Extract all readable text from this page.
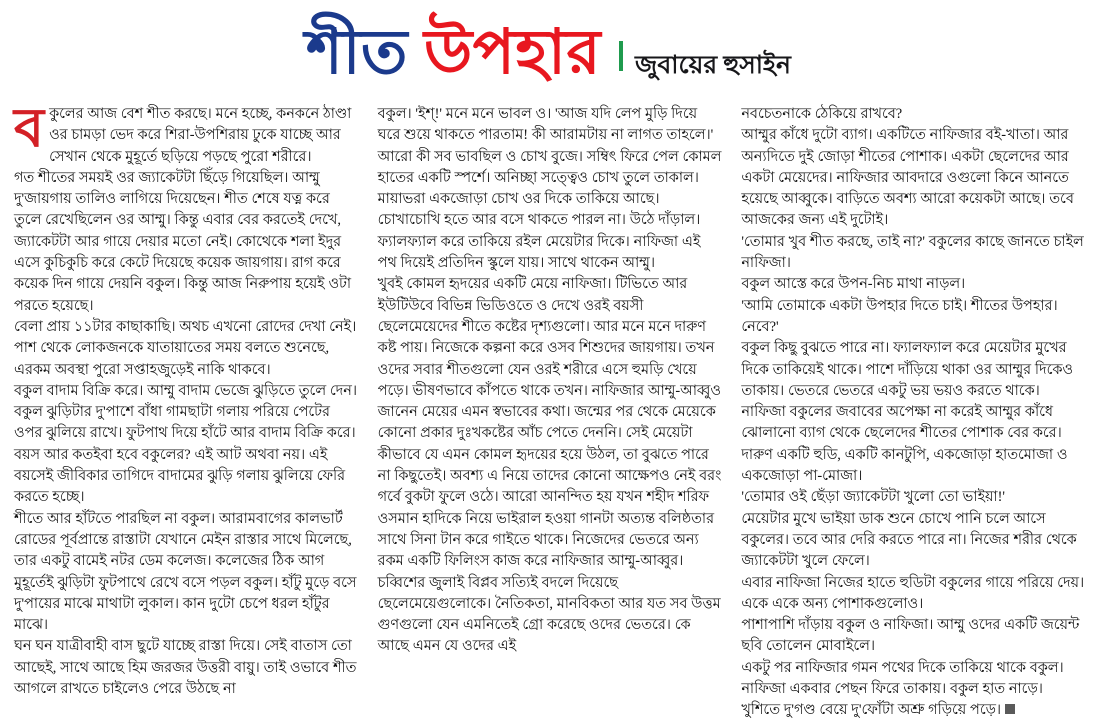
শীত উপহার জুবায়ের হুসাইন

বকুলের আজ বেশ শীত করছে। মনে হচ্ছে, কনকনে ঠাণ্ডা ওর চামড়া ভেদ করে শিরা-উপশিরায় ঢুকে যাচ্ছে আর সেখান থেকে মুহূর্তে ছড়িয়ে পড়ছে পুরো শরীরে।

গত শীতের সময়ই ওর জ্যাকেটটা ছিঁড়ে গিয়েছিল। আম্মু দু'জায়গায় তালিও লাগিয়ে দিয়েছেন। শীত শেষে যত্ন করে তুলে রেখেছিলেন ওর আম্মু। কিন্তু এবার বের করতেই দেখে, জ্যাকেটটা আর গায়ে দেয়ার মতো নেই। কোথেকে শলা ইদুর এসে কুচিকুচি করে কেটে দিয়েছে কয়েক জায়গায়। রাগ করে কয়েক দিন গায়ে দেয়নি বকুল। কিন্তু আজ নিরুপায় হয়েই ওটা পরতে হয়েছে।

বেলা প্রায় ১১টার কাছাকাছি। অথচ এখনো রোদের দেখা নেই। পাশ থেকে লোকজনকে যাতায়াতের সময় বলতে শুনেছে, এরকম অবস্থা পুরো সপ্তাহজুড়েই নাকি থাকবে।

বকুল বাদাম বিক্রি করে। আম্মু বাদাম ভেজে ঝুড়িতে তুলে দেন। বকুল ঝুড়িটার দু'পাশে বাঁধা গামছাটা গলায় পরিয়ে পেটের ওপর ঝুলিয়ে রাখে। ফুটপাথ দিয়ে হাঁটে আর বাদাম বিক্রি করে।

বয়স আর কতইবা হবে বকুলের? এই আট অথবা নয়। এই বয়সেই জীবিকার তাগিদে বাদামের ঝুড়ি গলায় ঝুলিয়ে ফেরি করতে হচ্ছে।

শীতে আর হাঁটতে পারছিল না বকুল। আরামবাগের কালভার্ট রোডের পূর্বপ্রান্তে রাস্তাটা যেখানে মেইন রাস্তার সাথে মিলেছে, তার একটু বামেই নটর ডেম কলেজ। কলেজের ঠিক আগ মুহূর্তেই ঝুড়িটা ফুটপাথে রেখে বসে পড়ল বকুল। হাঁটু মুড়ে বসে দু'পায়ের মাঝে মাথাটা লুকাল। কান দুটো চেপে ধরল হাঁটুর মাঝে।

ঘন ঘন যাত্রীবাহী বাস ছুটে যাচ্ছে রাস্তা দিয়ে। সেই বাতাস তো আছেই, সাথে আছে হিম জরজর উত্তরী বায়ু। তাই ওভাবে শীত আগলে রাখতে চাইলেও পেরে উঠছে না

বকুল। 'ইশ্!' মনে মনে ভাবল ও। 'আজ যদি লেপ মুড়ি দিয়ে ঘরে শুয়ে থাকতে পারতাম! কী আরামটায় না লাগত তাহলে।'

আরো কী সব ভাবছিল ও চোখ বুজে। সম্বিৎ ফিরে পেল কোমল হাতের একটি স্পর্শে। অনিচ্ছা সত্ত্বেও চোখ তুলে তাকাল।

মায়াভরা একজোড়া চোখ ওর দিকে তাকিয়ে আছে। চোখাচোখি হতে আর বসে থাকতে পারল না। উঠে দাঁড়াল। ফ্যালফ্যাল করে তাকিয়ে রইল মেয়েটার দিকে। নাফিজা এই পথ দিয়েই প্রতিদিন স্কুলে যায়। সাথে থাকেন আম্মু।

খুবই কোমল হৃদয়ের একটি মেয়ে নাফিজা। টিভিতে আর ইউটিউবে বিভিন্ন ভিডিওতে ও দেখে ওরই বয়সী ছেলেমেয়েদের শীতে কষ্টের দৃশ্যগুলো। আর মনে মনে দারুণ কষ্ট পায়। নিজেকে কল্পনা করে ওসব শিশুদের জায়গায়। তখন ওদের সবার শীতগুলো যেন ওরই শরীরে এসে হুমড়ি খেয়ে পড়ে। ভীষণভাবে কাঁপতে থাকে তখন। নাফিজার আম্মু-আব্বুও জানেন মেয়ের এমন স্বভাবের কথা। জন্মের পর থেকে মেয়েকে কোনো প্রকার দুঃখকষ্টের আঁচ পেতে দেননি। সেই মেয়েটা কীভাবে যে এমন কোমল হৃদয়ের হয়ে উঠল, তা বুঝতে পারে না কিছুতেই। অবশ্য এ নিয়ে তাদের কোনো আক্ষেপও নেই বরং গর্বে বুকটা ফুলে ওঠে। আরো আনন্দিত হয় যখন শহীদ শরিফ ওসমান হাদিকে নিয়ে ভাইরাল হওয়া গানটা অত্যন্ত বলিষ্ঠতার সাথে সিনা টান করে গাইতে থাকে। নিজেদের ভেতরে অন্য রকম একটি ফিলিংস কাজ করে নাফিজার আম্মু-আব্বুর। চব্বিশের জুলাই বিপ্লব সত্যিই বদলে দিয়েছে ছেলেমেয়েগুলোকে। নৈতিকতা, মানবিকতা আর যত সব উত্তম গুণগুলো যেন এমনিতেই গ্রো করেছে ওদের ভেতরে। কে আছে এমন যে ওদের এই

নবচেতনাকে ঠেকিয়ে রাখবে?

আম্মুর কাঁধে দুটো ব্যাগ। একটিতে নাফিজার বই-খাতা। আর অন্যদিতে দুই জোড়া শীতের পোশাক। একটা ছেলেদের আর একটা মেয়েদের। নাফিজার আবদারে ওগুলো কিনে আনতে হয়েছে আব্বুকে। বাড়িতে অবশ্য আরো কয়েকটা আছে। তবে আজকের জন্য এই দুটোই।

'তোমার খুব শীত করছে, তাই না?' বকুলের কাছে জানতে চাইল নাফিজা।

বকুল আস্তে করে উপন-নিচ মাথা নাড়ল।

'আমি তোমাকে একটা উপহার দিতে চাই। শীতের উপহার। নেবে?'

বকুল কিছু বুঝতে পারে না। ফ্যালফ্যাল করে মেয়েটার মুখের দিকে তাকিয়েই থাকে। পাশে দাঁড়িয়ে থাকা ওর আম্মুর দিকেও তাকায়। ভেতরে ভেতরে একটু ভয় ভয়ও করতে থাকে।

নাফিজা বকুলের জবাবের অপেক্ষা না করেই আম্মুর কাঁধে ঝোলানো ব্যাগ থেকে ছেলেদের শীতের পোশাক বের করে। দারুণ একটি হুডি, একটি কানটুপি, একজোড়া হাতমোজা ও একজোড়া পা-মোজা।

'তোমার ওই ছেঁড়া জ্যাকেটটা খুলো তো ভাইয়া!'

মেয়েটার মুখে ভাইয়া ডাক শুনে চোখে পানি চলে আসে বকুলের। তবে আর দেরি করতে পারে না। নিজের শরীর থেকে জ্যাকেটটা খুলে ফেলে।

এবার নাফিজা নিজের হাতে হুডিটা বকুলের গায়ে পরিয়ে দেয়। একে একে অন্য পোশাকগুলোও।

পাশাপাশি দাঁড়ায় বকুল ও নাফিজা। আম্মু ওদের একটি জয়েন্ট ছবি তোলেন মোবাইলে।

একটু পর নাফিজার গমন পথের দিকে তাকিয়ে থাকে বকুল। নাফিজা একবার পেছন ফিরে তাকায়। বকুল হাত নাড়ে। খুশিতে দু'গণ্ড বেয়ে দু'ফোঁটা অশ্রু গড়িয়ে পড়ে।
